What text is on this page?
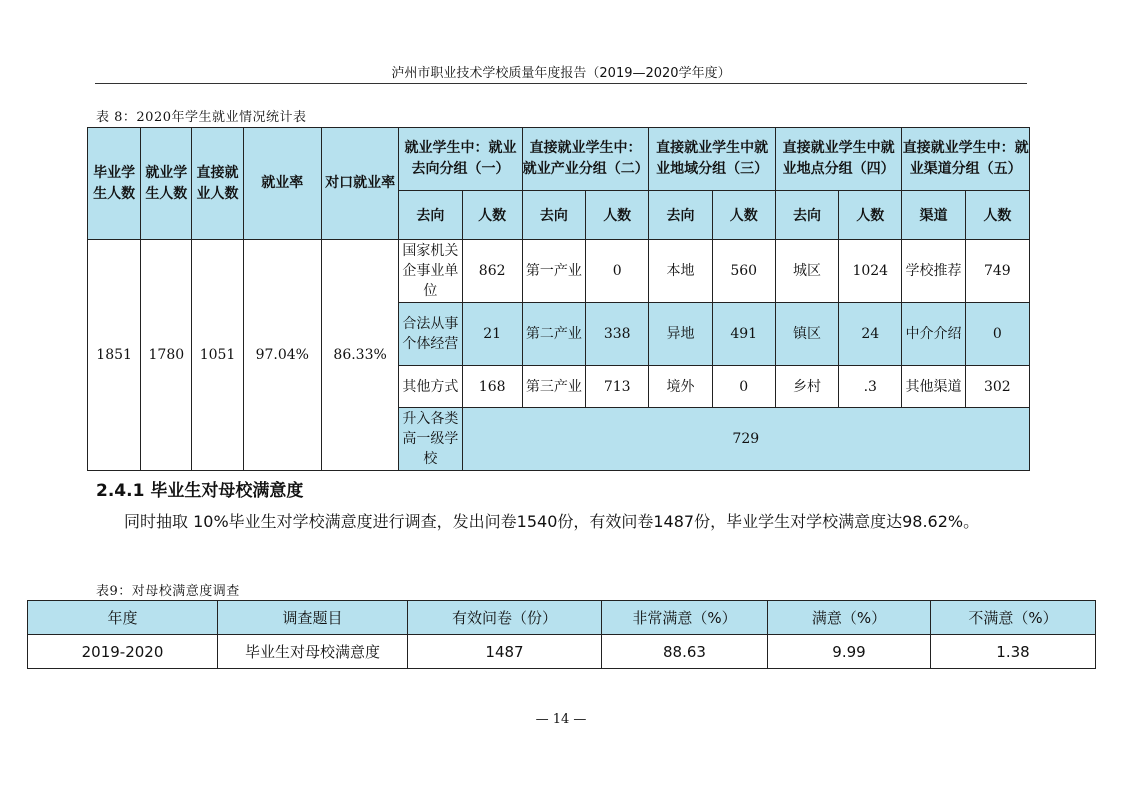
泸州市职业技术学校质量年度报告（2019—2020学年度）
表 8：2020年学生就业情况统计表
毕业学生人数	就业学生人数	直接就业人数	就业率	对口就业率	就业学生中：就业去向分组（一）		直接就业学生中：就业产业分组（二）		直接就业学生中就业地域分组（三）		直接就业学生中就业地点分组（四）		直接就业学生中：就业渠道分组（五）	
					去向	人数	去向	人数	去向	人数	去向	人数	渠道	人数
1851	1780	1051	97.04%	86.33%	国家机关企事业单位	862	第一产业	0	本地	560	城区	1024	学校推荐	749
					合法从事个体经营	21	第二产业	338	异地	491	镇区	24	中介介绍	0
					其他方式	168	第三产业	713	境外	0	乡村	.3	其他渠道	302
					升入各类高一级学校	729								
2.4.1 毕业生对母校满意度
同时抽取 10%毕业生对学校满意度进行调查，发出问卷1540份，有效问卷1487份，毕业学生对学校满意度达98.62%。
表9：对母校满意度调查
年度	调查题目	有效问卷（份）	非常满意（%）	满意（%）	不满意（%）
2019-2020	毕业生对母校满意度	1487	88.63	9.99	1.38
— 14 —
